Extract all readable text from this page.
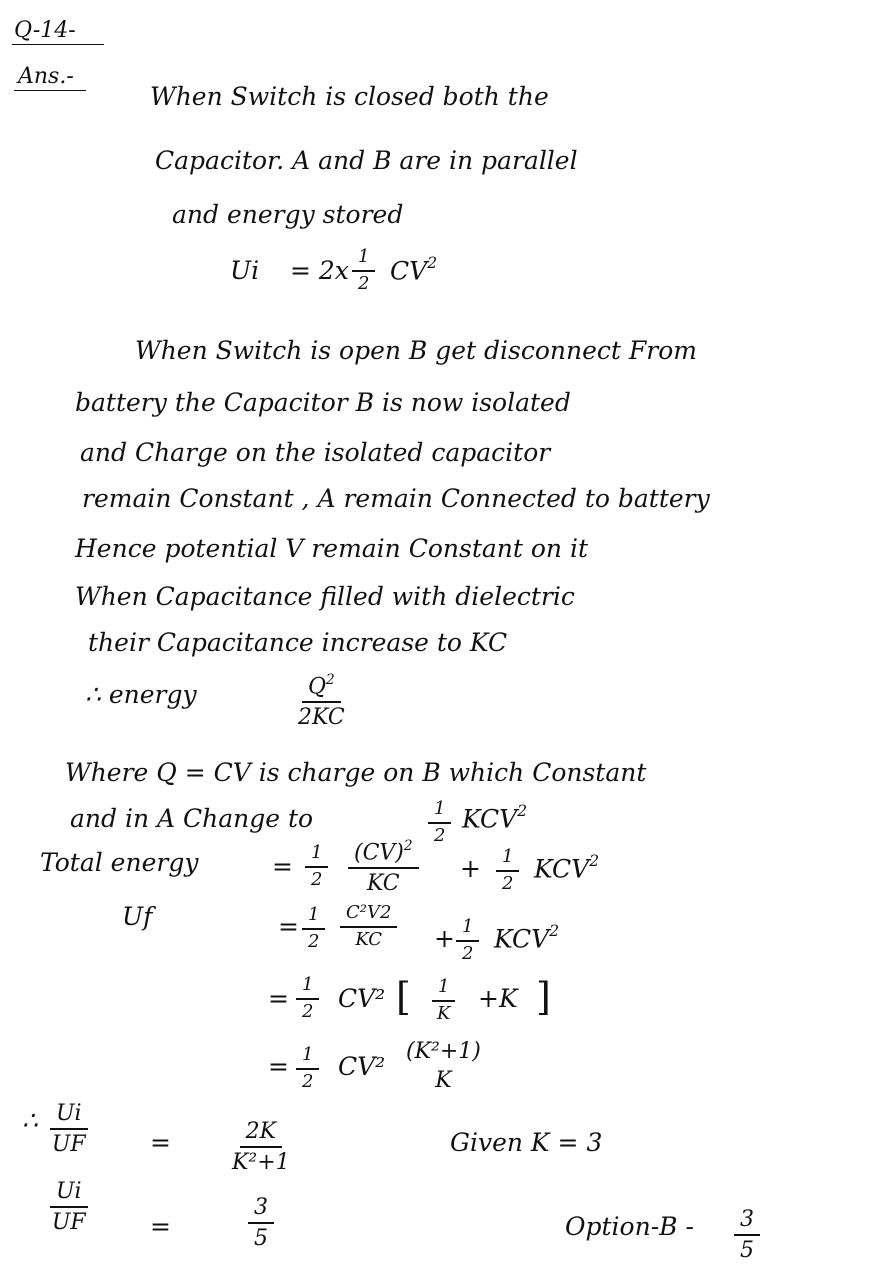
Q-14-
Ans.-
When Switch is closed both the
Capacitor. A and B are in parallel
and energy stored
$Ui = 2x \frac{1}{2} CV^2$
When Switch is open B get disconnect From
battery the Capacitor B is now isolated
and Charge on the isolated capacitor
remain Constant , A remain Connected to battery
Hence potential V remain Constant on it
When Capacitance filled with dielectric
their Capacitance increase to KC
∴ energy	$\frac{Q^2}{2KC}$
Where Q = CV is charge on B which Constant
and in A Change to	$\frac{1}{2} KCV^2$
Total energy	= $\frac{1}{2} \frac{(CV)^2}{KC} + \frac{1}{2} KCV^2$
Uf	= $\frac{1}{2} \frac{\text{C²V2}}{KC} + \frac{1}{2} KCV^2$
= $\frac{1}{2} CV^2$ [ $\frac{1}{K} +K$ ]
= $\frac{1}{2} CV^2$
(K²+1)
K
∴ $\frac{Ui}{UF}$ =	$\frac{2K}{\text{K²+1}}$	Given K = 3
$\frac{Ui}{UF}$ =	$\frac{3}{5}$	Option-B - $\frac{3}{5}$
